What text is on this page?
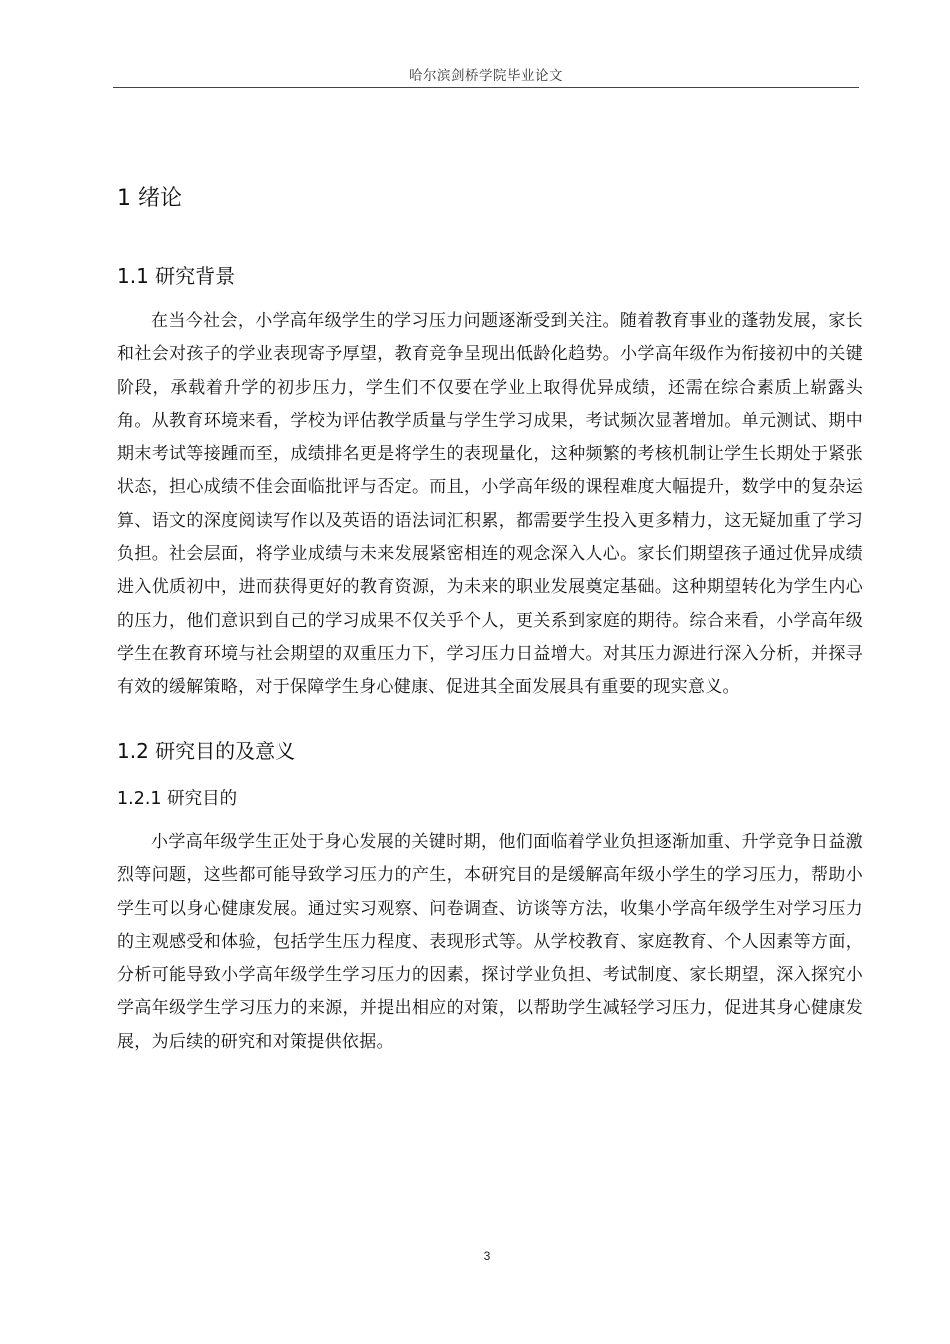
哈尔滨剑桥学院毕业论文
1 绪论
1.1 研究背景

在当今社会，小学高年级学生的学习压力问题逐渐受到关注。随着教育事业的蓬勃发展，家长和社会对孩子的学业表现寄予厚望，教育竞争呈现出低龄化趋势。小学高年级作为衔接初中的关键阶段，承载着升学的初步压力，学生们不仅要在学业上取得优异成绩，还需在综合素质上崭露头角。从教育环境来看，学校为评估教学质量与学生学习成果，考试频次显著增加。单元测试、期中期末考试等接踵而至，成绩排名更是将学生的表现量化，这种频繁的考核机制让学生长期处于紧张状态，担心成绩不佳会面临批评与否定。而且，小学高年级的课程难度大幅提升，数学中的复杂运算、语文的深度阅读写作以及英语的语法词汇积累，都需要学生投入更多精力，这无疑加重了学习负担。社会层面，将学业成绩与未来发展紧密相连的观念深入人心。家长们期望孩子通过优异成绩进入优质初中，进而获得更好的教育资源，为未来的职业发展奠定基础。这种期望转化为学生内心的压力，他们意识到自己的学习成果不仅关乎个人，更关系到家庭的期待。综合来看，小学高年级学生在教育环境与社会期望的双重压力下，学习压力日益增大。对其压力源进行深入分析，并探寻有效的缓解策略，对于保障学生身心健康、促进其全面发展具有重要的现实意义。

1.2 研究目的及意义
1.2.1 研究目的

小学高年级学生正处于身心发展的关键时期，他们面临着学业负担逐渐加重、升学竞争日益激烈等问题，这些都可能导致学习压力的产生，本研究目的是缓解高年级小学生的学习压力，帮助小学生可以身心健康发展。通过实习观察、问卷调查、访谈等方法，收集小学高年级学生对学习压力的主观感受和体验，包括学生压力程度、表现形式等。从学校教育、家庭教育、个人因素等方面，分析可能导致小学高年级学生学习压力的因素，探讨学业负担、考试制度、家长期望，深入探究小学高年级学生学习压力的来源，并提出相应的对策，以帮助学生减轻学习压力，促进其身心健康发展，为后续的研究和对策提供依据。

3
